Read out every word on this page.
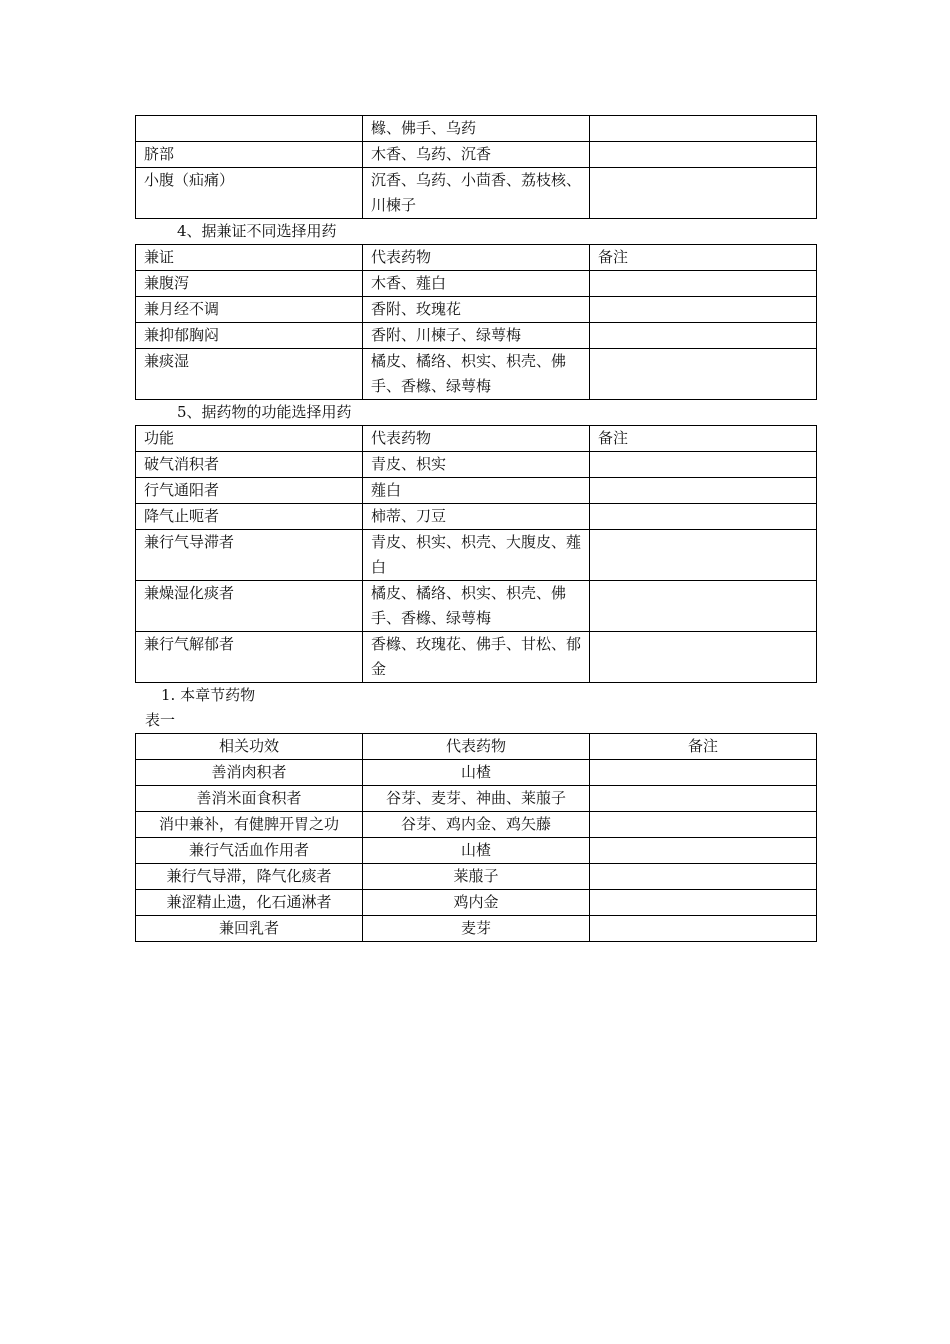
	橼、佛手、乌药	
脐部	木香、乌药、沉香	
小腹（疝痛）	沉香、乌药、小茴香、荔枝核、川楝子	
4、据兼证不同选择用药
兼证	代表药物	备注
兼腹泻	木香、薤白	
兼月经不调	香附、玫瑰花	
兼抑郁胸闷	香附、川楝子、绿萼梅	
兼痰湿	橘皮、橘络、枳实、枳壳、佛手、香橼、绿萼梅	
5、据药物的功能选择用药
功能	代表药物	备注
破气消积者	青皮、枳实	
行气通阳者	薤白	
降气止呃者	柿蒂、刀豆	
兼行气导滞者	青皮、枳实、枳壳、大腹皮、薤白	
兼燥湿化痰者	橘皮、橘络、枳实、枳壳、佛手、香橼、绿萼梅	
兼行气解郁者	香橼、玫瑰花、佛手、甘松、郁金	
1. 本章节药物
表一
相关功效	代表药物	备注
善消肉积者	山楂	
善消米面食积者	谷芽、麦芽、神曲、莱菔子	
消中兼补，有健脾开胃之功	谷芽、鸡内金、鸡矢藤	
兼行气活血作用者	山楂	
兼行气导滞，降气化痰者	莱菔子	
兼涩精止遗，化石通淋者	鸡内金	
兼回乳者	麦芽	
